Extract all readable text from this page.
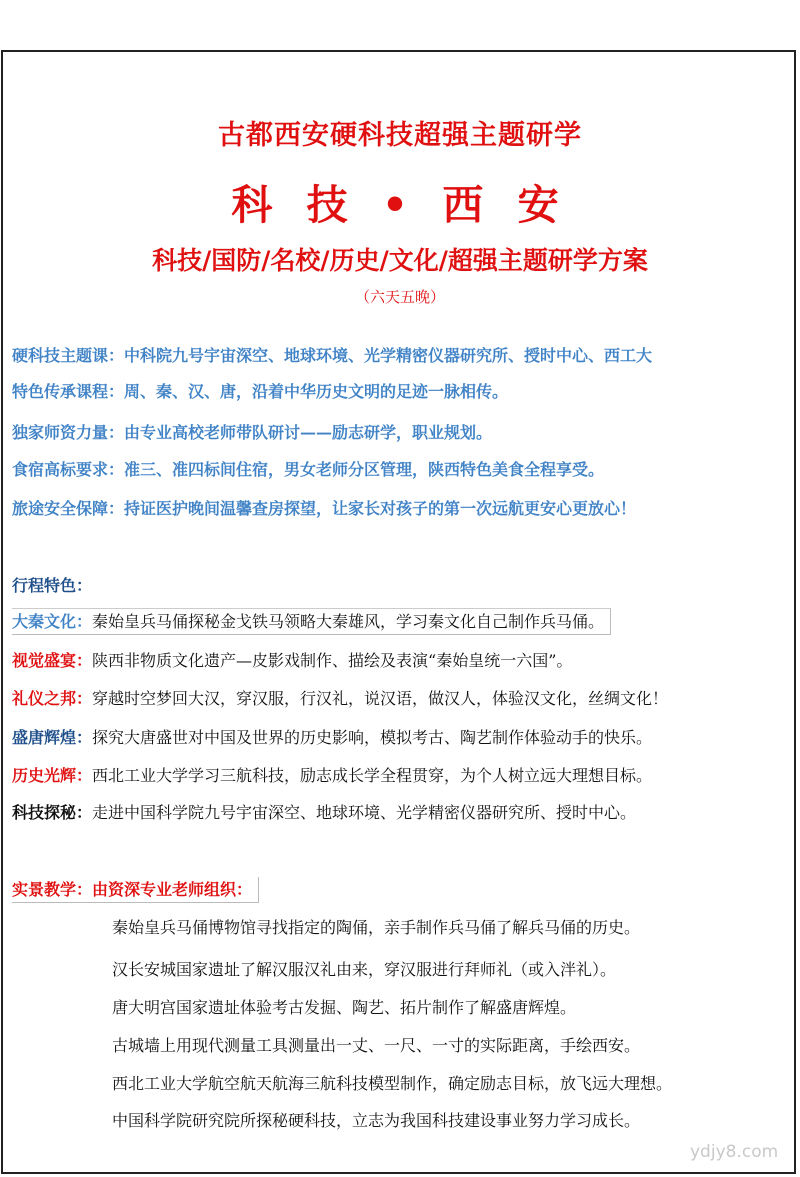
古都西安硬科技超强主题研学
科 技 • 西 安
科技/国防/名校/历史/文化/超强主题研学方案
（六天五晚）
硬科技主题课：中科院九号宇宙深空、地球环境、光学精密仪器研究所、授时中心、西工大
特色传承课程：周、秦、汉、唐，沿着中华历史文明的足迹一脉相传。
独家师资力量：由专业高校老师带队研讨——励志研学，职业规划。
食宿高标要求：准三、准四标间住宿，男女老师分区管理，陕西特色美食全程享受。
旅途安全保障：持证医护晚间温馨查房探望，让家长对孩子的第一次远航更安心更放心！
行程特色：
大秦文化：秦始皇兵马俑探秘金戈铁马领略大秦雄风，学习秦文化自己制作兵马俑。
视觉盛宴：陕西非物质文化遗产—皮影戏制作、描绘及表演“秦始皇统一六国”。
礼仪之邦：穿越时空梦回大汉，穿汉服，行汉礼，说汉语，做汉人，体验汉文化，丝绸文化！
盛唐辉煌：探究大唐盛世对中国及世界的历史影响，模拟考古、陶艺制作体验动手的快乐。
历史光辉：西北工业大学学习三航科技，励志成长学全程贯穿，为个人树立远大理想目标。
科技探秘：走进中国科学院九号宇宙深空、地球环境、光学精密仪器研究所、授时中心。
实景教学：由资深专业老师组织：
秦始皇兵马俑博物馆寻找指定的陶俑，亲手制作兵马俑了解兵马俑的历史。
汉长安城国家遗址了解汉服汉礼由来，穿汉服进行拜师礼（或入泮礼）。
唐大明宫国家遗址体验考古发掘、陶艺、拓片制作了解盛唐辉煌。
古城墙上用现代测量工具测量出一丈、一尺、一寸的实际距离，手绘西安。
西北工业大学航空航天航海三航科技模型制作，确定励志目标，放飞远大理想。
中国科学院研究院所探秘硬科技，立志为我国科技建设事业努力学习成长。
ydjy8.com
